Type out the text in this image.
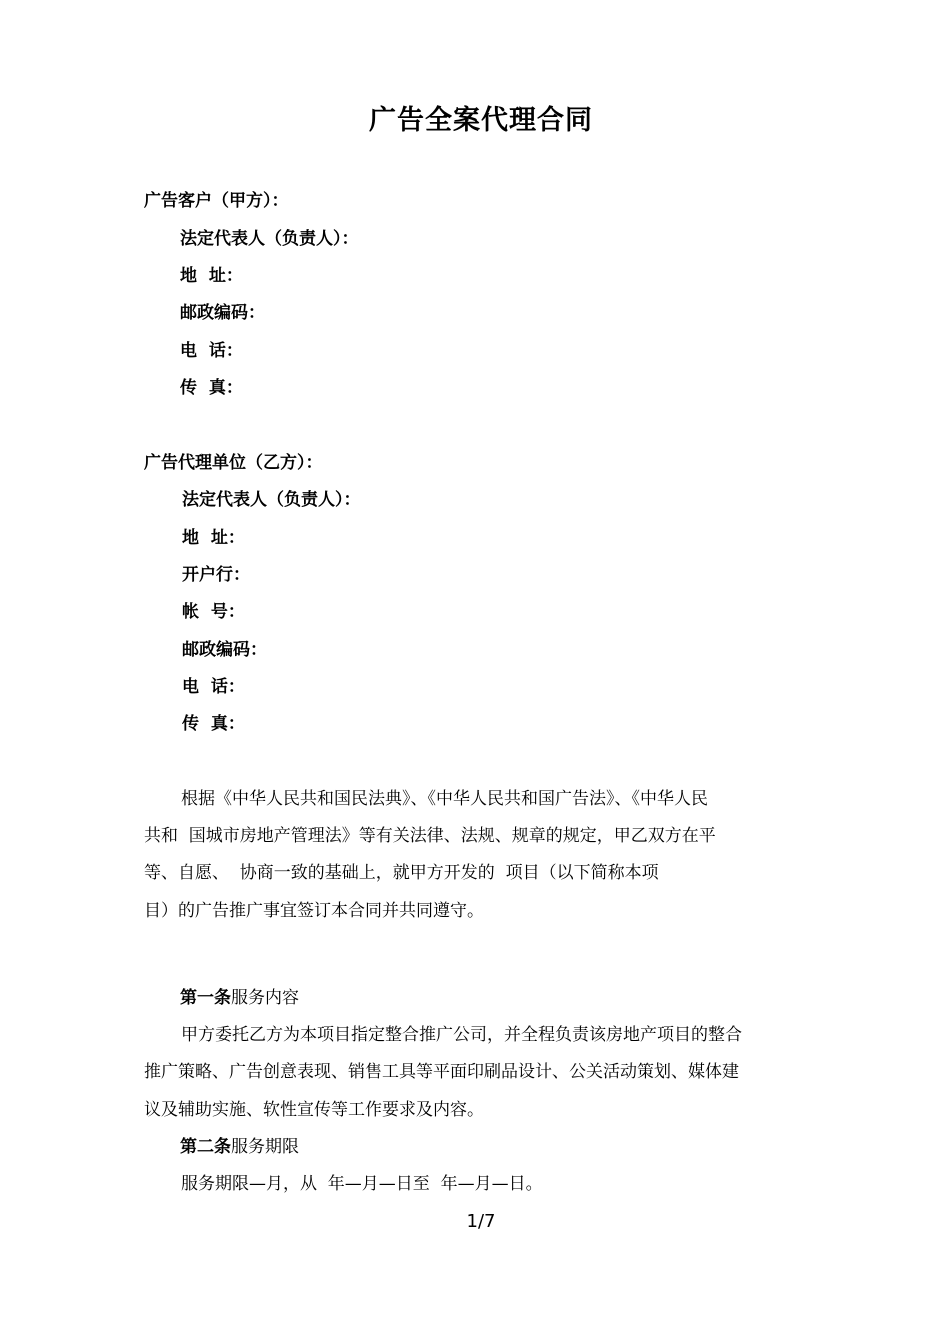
广告全案代理合同
广告客户（甲方）：
法定代表人（负责人）：
地  址：
邮政编码：
电  话：
传  真：
广告代理单位（乙方）：
法定代表人（负责人）：
地  址：
开户行：
帐  号：
邮政编码：
电  话：
传  真：
根据《中华人民共和国民法典》、《中华人民共和国广告法》、《中华人民
共和  国城市房地产管理法》等有关法律、法规、规章的规定，甲乙双方在平
等、自愿、  协商一致的基础上，就甲方开发的  项目（以下简称本项
目）的广告推广事宜签订本合同并共同遵守。
第一条服务内容
甲方委托乙方为本项目指定整合推广公司，并全程负责该房地产项目的整合
推广策略、广告创意表现、销售工具等平面印刷品设计、公关活动策划、媒体建
议及辅助实施、软性宣传等工作要求及内容。
第二条服务期限
服务期限—月，从  年—月—日至  年—月—日。
1/7
